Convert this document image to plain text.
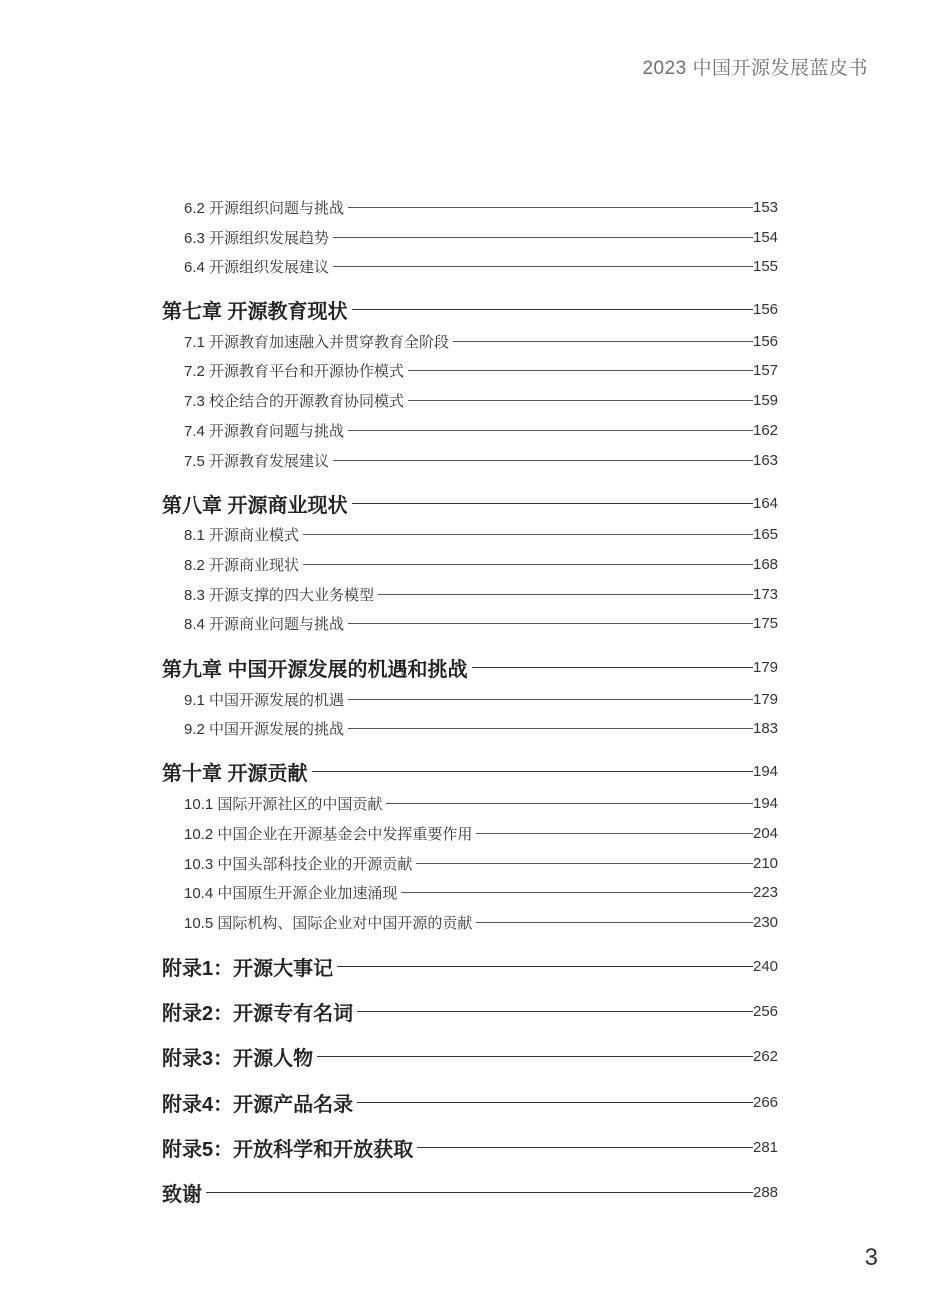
2023 中国开源发展蓝皮书
6.2 开源组织问题与挑战	153
6.3 开源组织发展趋势	154
6.4 开源组织发展建议	155
第七章 开源教育现状	156
7.1 开源教育加速融入并贯穿教育全阶段	156
7.2 开源教育平台和开源协作模式	157
7.3 校企结合的开源教育协同模式	159
7.4 开源教育问题与挑战	162
7.5 开源教育发展建议	163
第八章 开源商业现状	164
8.1 开源商业模式	165
8.2 开源商业现状	168
8.3 开源支撑的四大业务模型	173
8.4 开源商业问题与挑战	175
第九章 中国开源发展的机遇和挑战	179
9.1 中国开源发展的机遇	179
9.2 中国开源发展的挑战	183
第十章 开源贡献	194
10.1 国际开源社区的中国贡献	194
10.2 中国企业在开源基金会中发挥重要作用	204
10.3 中国头部科技企业的开源贡献	210
10.4 中国原生开源企业加速涌现	223
10.5 国际机构、国际企业对中国开源的贡献	230
附录1：开源大事记	240
附录2：开源专有名词	256
附录3：开源人物	262
附录4：开源产品名录	266
附录5：开放科学和开放获取	281
致谢	288
3
